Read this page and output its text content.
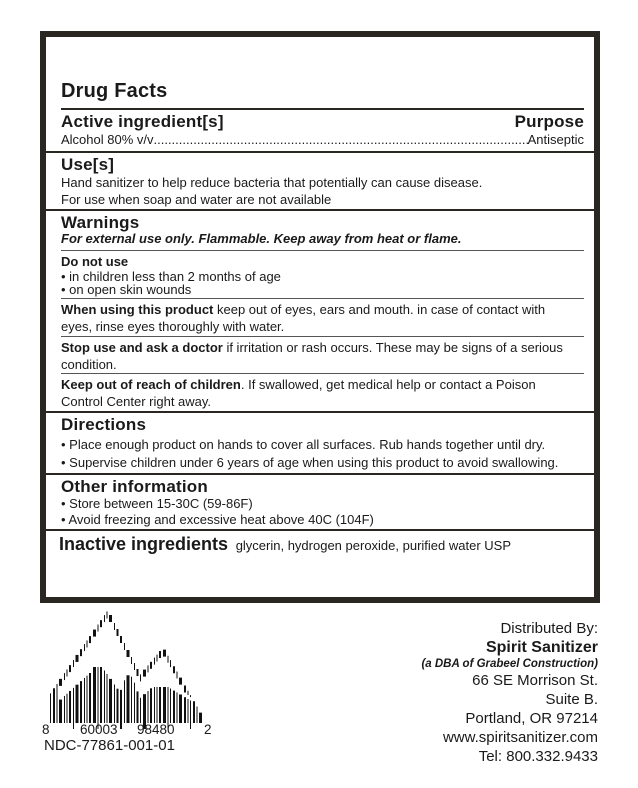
Drug Facts
Active ingredient[s]	Purpose
Alcohol 80% v/v .....	Antiseptic
Use[s]
Hand sanitizer to help reduce bacteria that potentially can cause disease.
For use when soap and water are not available
Warnings
For external use only. Flammable. Keep away from heat or flame.
Do not use
• in children less than 2 months of age
• on open skin wounds
When using this product keep out of eyes, ears and mouth. in case of contact with
eyes, rinse eyes thoroughly with water.
Stop use and ask a doctor if irritation or rash occurs. These may be signs of a serious
condition.
Keep out of reach of children. If swallowed, get medical help or contact a Poison
Control Center right away.
Directions
• Place enough product on hands to cover all surfaces. Rub hands together until dry.
• Supervise children under 6 years of age when using this product to avoid swallowing.
Other information
• Store between 15-30C (59-86F)
• Avoid freezing and excessive heat above 40C (104F)
Inactive ingredients glycerin, hydrogen peroxide, purified water USP
8 60003 98480 2
NDC-77861-001-01
Distributed By:
Spirit Sanitizer
(a DBA of Grabeel Construction)
66 SE Morrison St.
Suite B.
Portland, OR 97214
www.spiritsanitizer.com
Tel: 800.332.9433
